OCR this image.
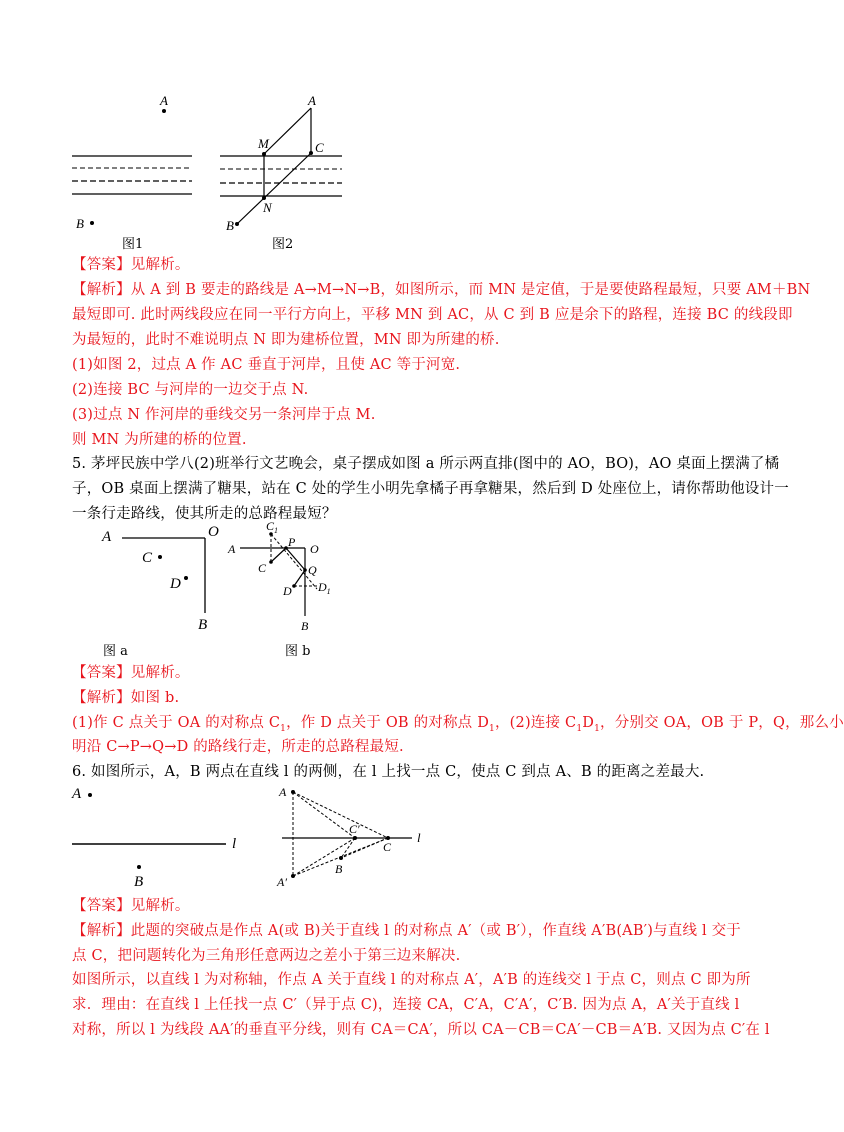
A
B
A
M	C
N
B
图1	图2
【答案】见解析。
【解析】从 A 到 B 要走的路线是 A→M→N→B，如图所示，而 MN 是定值，于是要使路程最短，只要 AM＋BN
最短即可. 此时两线段应在同一平行方向上，平移 MN 到 AC，从 C 到 B 应是余下的路程，连接 BC 的线段即
为最短的，此时不难说明点 N 即为建桥位置，MN 即为所建的桥.
(1)如图 2，过点 A 作 AC 垂直于河岸，且使 AC 等于河宽.
(2)连接 BC 与河岸的一边交于点 N.
(3)过点 N 作河岸的垂线交另一条河岸于点 M.
则 MN 为所建的桥的位置.
5. 茅坪民族中学八(2)班举行文艺晚会，桌子摆成如图 a 所示两直排(图中的 AO，BO)，AO 桌面上摆满了橘
子，OB 桌面上摆满了糖果，站在 C 处的学生小明先拿橘子再拿糖果，然后到 D 处座位上，请你帮助他设计一
一条行走路线，使其所走的总路程最短？
A	O
C
D
B
$C_1$
A	P O
C	Q
D $D_1$
B
图 a	图 b
【答案】见解析。
【解析】如图 b.
(1)作 C 点关于 OA 的对称点 $C_1$，作 D 点关于 OB 的对称点 $D_1$，(2)连接 $C_1D_1$，分别交 OA，OB 于 P，Q，那么小
明沿 C→P→Q→D 的路线行走，所走的总路程最短.
6. 如图所示，A，B 两点在直线 l 的两侧，在 l 上找一点 C，使点 C 到点 A、B 的距离之差最大.
A
l
B
l
A
A′
C′
C
B
【答案】见解析。
【解析】此题的突破点是作点 A(或 B)关于直线 l 的对称点 A′（或 B′），作直线 A′B(AB′)与直线 l 交于
点 C，把问题转化为三角形任意两边之差小于第三边来解决.
如图所示，以直线 l 为对称轴，作点 A 关于直线 l 的对称点 A′，A′B 的连线交 l 于点 C，则点 C 即为所
求．理由：在直线 l 上任找一点 C′（异于点 C)，连接 CA，C′A，C′A′，C′B. 因为点 A，A′关于直线 l
对称，所以 l 为线段 AA′的垂直平分线，则有 CA＝CA′，所以 CA－CB＝CA′－CB＝A′B. 又因为点 C′在 l
